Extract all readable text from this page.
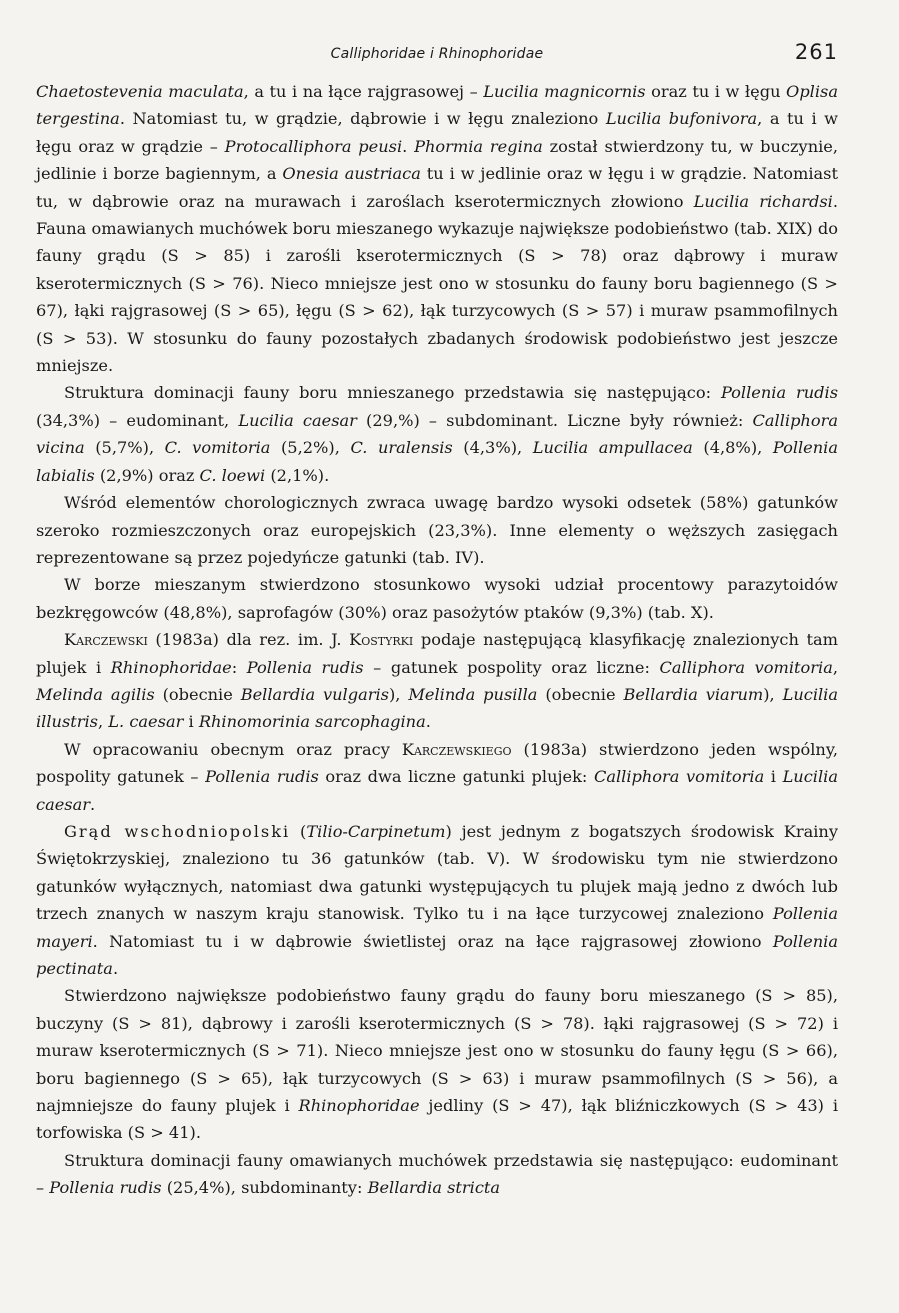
Calliphoridae i Rhinophoridae	261

Chaetostevenia maculata, a tu i na łące rajgrasowej – Lucilia magnicornis oraz tu i w łęgu Oplisa tergestina. Natomiast tu, w grądzie, dąbrowie i w łęgu znaleziono Lucilia bufonivora, a tu i w łęgu oraz w grądzie – Protocalliphora peusi. Phormia regina został stwierdzony tu, w buczynie, jedlinie i borze bagiennym, a Onesia austriaca tu i w jedlinie oraz w łęgu i w grądzie. Natomiast tu, w dąbrowie oraz na murawach i zaroślach kserotermicznych złowiono Lucilia richardsi. Fauna omawianych muchówek boru mieszanego wykazuje największe podobieństwo (tab. XIX) do fauny grądu (S > 85) i zarośli kserotermicznych (S > 78) oraz dąbrowy i muraw kserotermicznych (S > 76). Nieco mniejsze jest ono w stosunku do fauny boru bagiennego (S > 67), łąki rajgrasowej (S > 65), łęgu (S > 62), łąk turzycowych (S > 57) i muraw psammofilnych (S > 53). W stosunku do fauny pozostałych zbadanych środowisk podobieństwo jest jeszcze mniejsze.

Struktura dominacji fauny boru mnieszanego przedstawia się następująco: Pollenia rudis (34,3%) – eudominant, Lucilia caesar (29,%) – subdominant. Liczne były również: Calliphora vicina (5,7%), C. vomitoria (5,2%), C. uralensis (4,3%), Lucilia ampullacea (4,8%), Pollenia labialis (2,9%) oraz C. loewi (2,1%).

Wśród elementów chorologicznych zwraca uwagę bardzo wysoki odsetek (58%) gatunków szeroko rozmieszczonych oraz europejskich (23,3%). Inne elementy o węższych zasięgach reprezentowane są przez pojedyńcze gatunki (tab. IV).

W borze mieszanym stwierdzono stosunkowo wysoki udział procentowy parazytoidów bezkręgowców (48,8%), saprofagów (30%) oraz pasożytów ptaków (9,3%) (tab. X).

Karczewski (1983a) dla rez. im. J. Kostyrki podaje następującą klasyfikację znalezionych tam plujek i Rhinophoridae: Pollenia rudis – gatunek pospolity oraz liczne: Calliphora vomitoria, Melinda agilis (obecnie Bellardia vulgaris), Melinda pusilla (obecnie Bellardia viarum), Lucilia illustris, L. caesar i Rhinomorinia sarcophagina.

W opracowaniu obecnym oraz pracy Karczewskiego (1983a) stwierdzono jeden wspólny, pospolity gatunek – Pollenia rudis oraz dwa liczne gatunki plujek: Calliphora vomitoria i Lucilia caesar.

Grąd wschodniopolski (Tilio-Carpinetum) jest jednym z bogatszych środowisk Krainy Świętokrzyskiej, znaleziono tu 36 gatunków (tab. V). W środowisku tym nie stwierdzono gatunków wyłącznych, natomiast dwa gatunki występujących tu plujek mają jedno z dwóch lub trzech znanych w naszym kraju stanowisk. Tylko tu i na łące turzycowej znaleziono Pollenia mayeri. Natomiast tu i w dąbrowie świetlistej oraz na łące rajgrasowej złowiono Pollenia pectinata.

Stwierdzono największe podobieństwo fauny grądu do fauny boru mieszanego (S > 85), buczyny (S > 81), dąbrowy i zarośli kserotermicznych (S > 78). łąki rajgrasowej (S > 72) i muraw kserotermicznych (S > 71). Nieco mniejsze jest ono w stosunku do fauny łęgu (S > 66), boru bagiennego (S > 65), łąk turzycowych (S > 63) i muraw psammofilnych (S > 56), a najmniejsze do fauny plujek i Rhinophoridae jedliny (S > 47), łąk bliźniczkowych (S > 43) i torfowiska (S > 41).

Struktura dominacji fauny omawianych muchówek przedstawia się następująco: eudominant – Pollenia rudis (25,4%), subdominanty: Bellardia stricta
